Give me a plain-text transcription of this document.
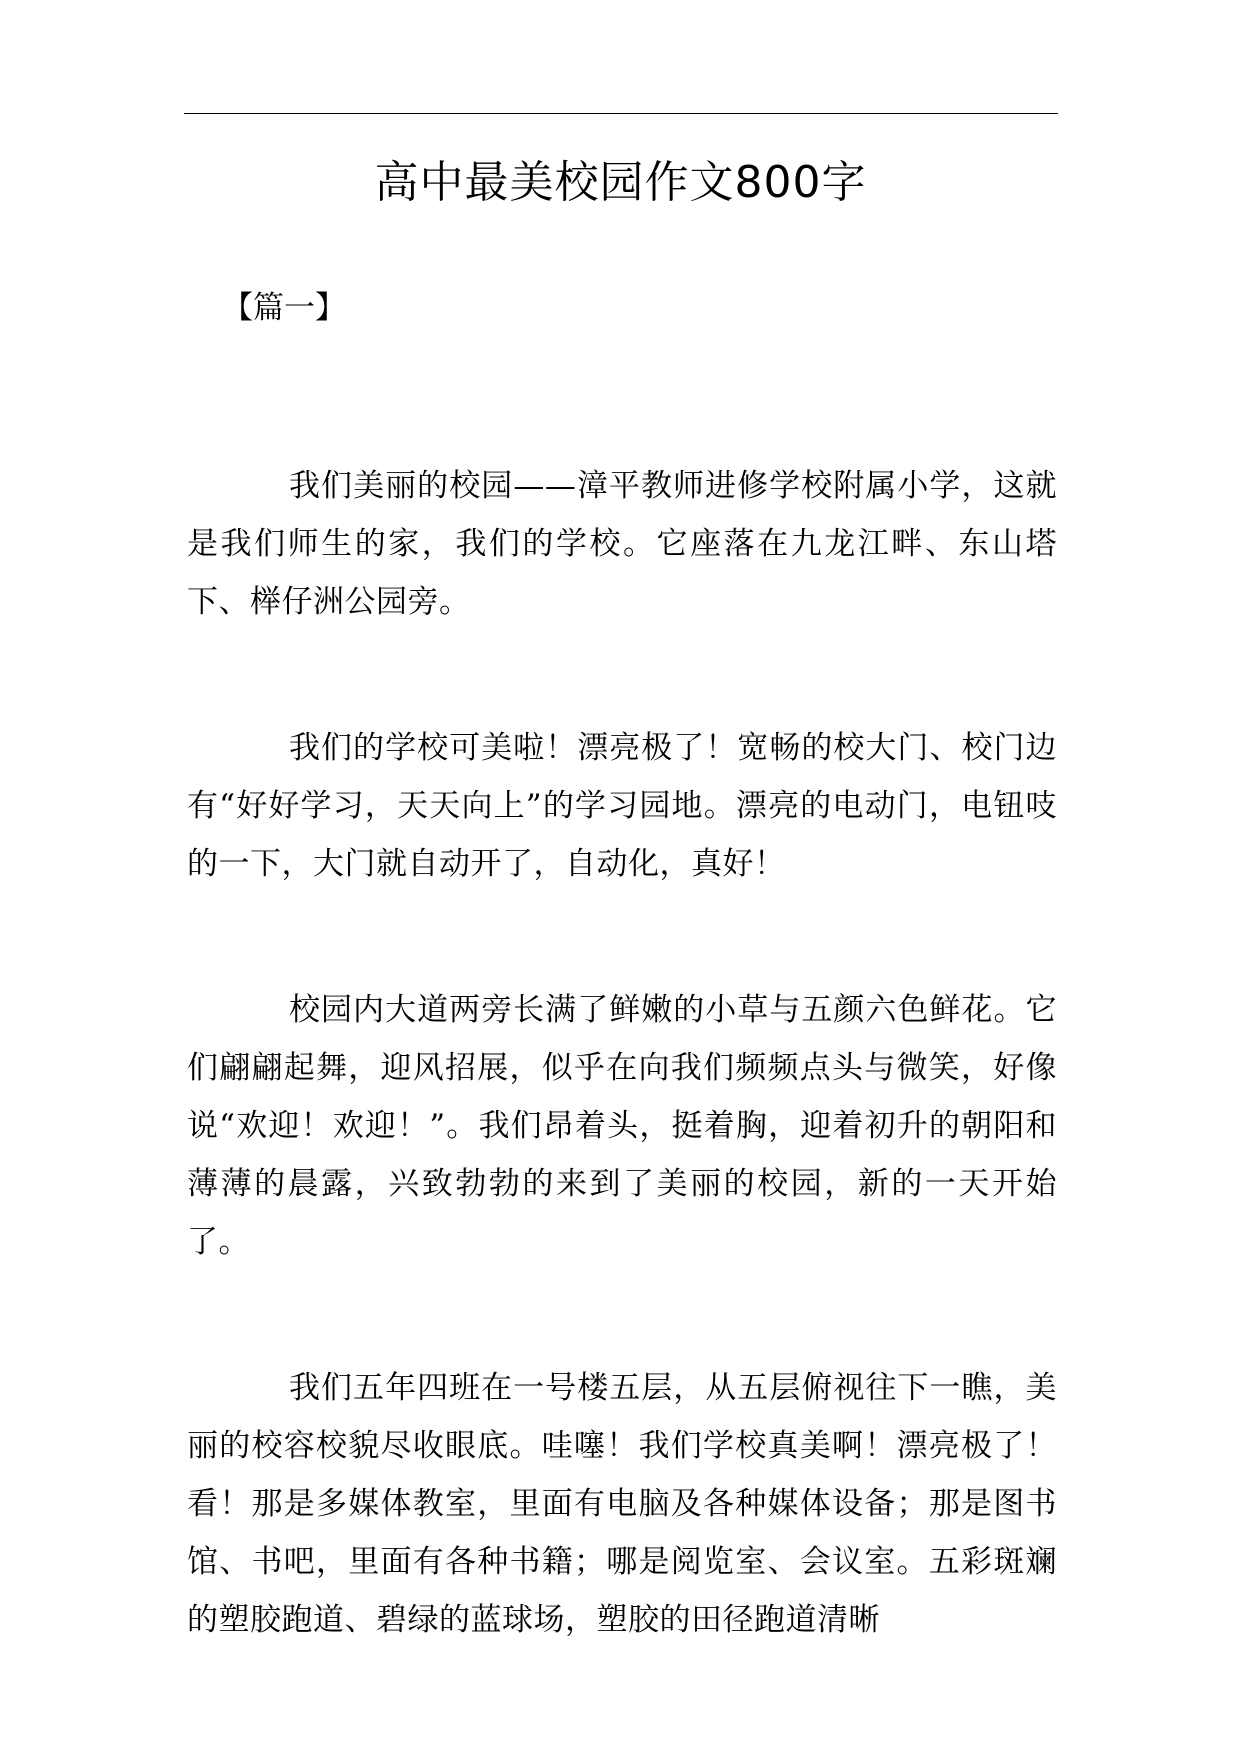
高中最美校园作文800字
【篇一】

我们美丽的校园——漳平教师进修学校附属小学，这就是我们师生的家，我们的学校。它座落在九龙江畔、东山塔下、榉仔洲公园旁。

我们的学校可美啦！漂亮极了！宽畅的校大门、校门边有“好好学习，天天向上”的学习园地。漂亮的电动门，电钮吱的一下，大门就自动开了，自动化，真好！

校园内大道两旁长满了鲜嫩的小草与五颜六色鲜花。它们翩翩起舞，迎风招展，似乎在向我们频频点头与微笑，好像说“欢迎！欢迎！”。我们昂着头，挺着胸，迎着初升的朝阳和薄薄的晨露，兴致勃勃的来到了美丽的校园，新的一天开始了。

我们五年四班在一号楼五层，从五层俯视往下一瞧，美丽的校容校貌尽收眼底。哇噻！我们学校真美啊！漂亮极了！看！那是多媒体教室，里面有电脑及各种媒体设备；那是图书馆、书吧，里面有各种书籍；哪是阅览室、会议室。五彩斑斓的塑胶跑道、碧绿的蓝球场，塑胶的田径跑道清晰
